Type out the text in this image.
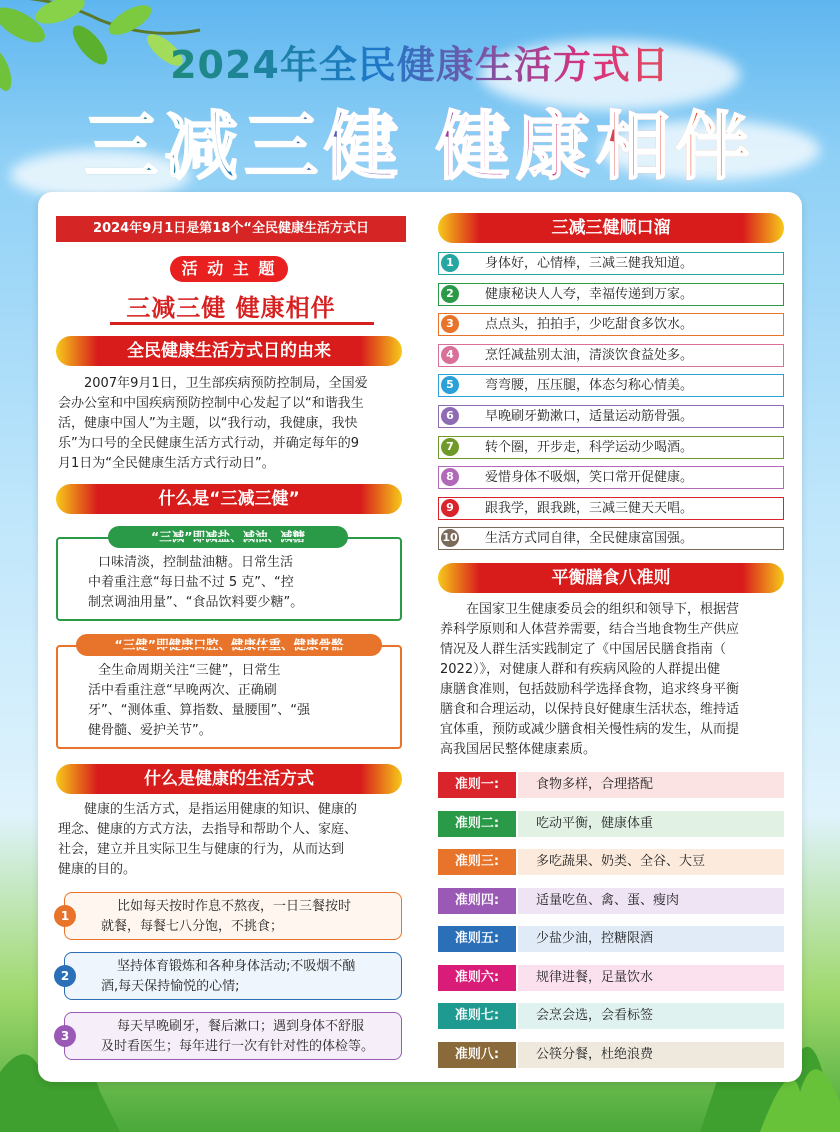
2024年全民健康生活方式日
三减三健 健康相伴
2024年9月1日是第18个“全民健康生活方式日
活 动 主 题
三减三健 健康相伴
全民健康生活方式日的由来
2007年9月1日，卫生部疾病预防控制局，全国爱
会办公室和中国疾病预防控制中心发起了以“和谐我生
活，健康中国人”为主题，以“我行动，我健康，我快
乐”为口号的全民健康生活方式行动，并确定每年的9
月1日为“全民健康生活方式行动日”。
什么是“三减三健”
“三减”即减盐、减油、减糖
口味清淡，控制盐油糖。日常生活
中着重注意“每日盐不过 5 克”、“控
制烹调油用量”、“食品饮料要少糖”。
“三健”即健康口腔、健康体重、健康骨骼
全生命周期关注“三健”，日常生
活中看重注意“早晚两次、正确刷
牙”、“测体重、算指数、量腰围”、“强
健骨髓、爱护关节”。
什么是健康的生活方式
健康的生活方式，是指运用健康的知识、健康的
理念、健康的方式方法，去指导和帮助个人、家庭、
社会，建立并且实际卫生与健康的行为，从而达到
健康的目的。
比如每天按时作息不熬夜，一日三餐按时
就餐，每餐七八分饱，不挑食；
1
坚持体育锻炼和各种身体活动;不吸烟不酗
酒,每天保持愉悦的心情;
2
每天早晚刷牙，餐后漱口；遇到身体不舒服
及时看医生；每年进行一次有针对性的体检等。
3
三减三健顺口溜
1	身体好，心情棒，三减三健我知道。
2	健康秘诀人人夸，幸福传递到万家。
3	点点头，拍拍手，少吃甜食多饮水。
4	烹饪减盐别太油，清淡饮食益处多。
5	弯弯腰，压压腿，体态匀称心情美。
6	早晚刷牙勤漱口，适量运动筋骨强。
7	转个圈，开步走，科学运动少喝酒。
8	爱惜身体不吸烟，笑口常开促健康。
9	跟我学，跟我跳，三减三健天天唱。
10 生活方式同自律，全民健康富国强。
平衡膳食八准则
在国家卫生健康委员会的组织和领导下，根据营
养科学原则和人体营养需要，结合当地食物生产供应
情况及人群生活实践制定了《中国居民膳食指南（
2022）》，对健康人群和有疾病风险的人群提出健
康膳食准则，包括鼓励科学选择食物，追求终身平衡
膳食和合理运动，以保持良好健康生活状态，维持适
宜体重，预防或减少膳食相关慢性病的发生，从而提
高我国居民整体健康素质。
准则一:	食物多样，合理搭配
准则二:	吃动平衡，健康体重
准则三:	多吃蔬果、奶类、全谷、大豆
准则四:	适量吃鱼、禽、蛋、瘦肉
准则五:	少盐少油，控糖限酒
准则六:	规律进餐，足量饮水
准则七:	会烹会选，会看标签
准则八:	公筷分餐，杜绝浪费
